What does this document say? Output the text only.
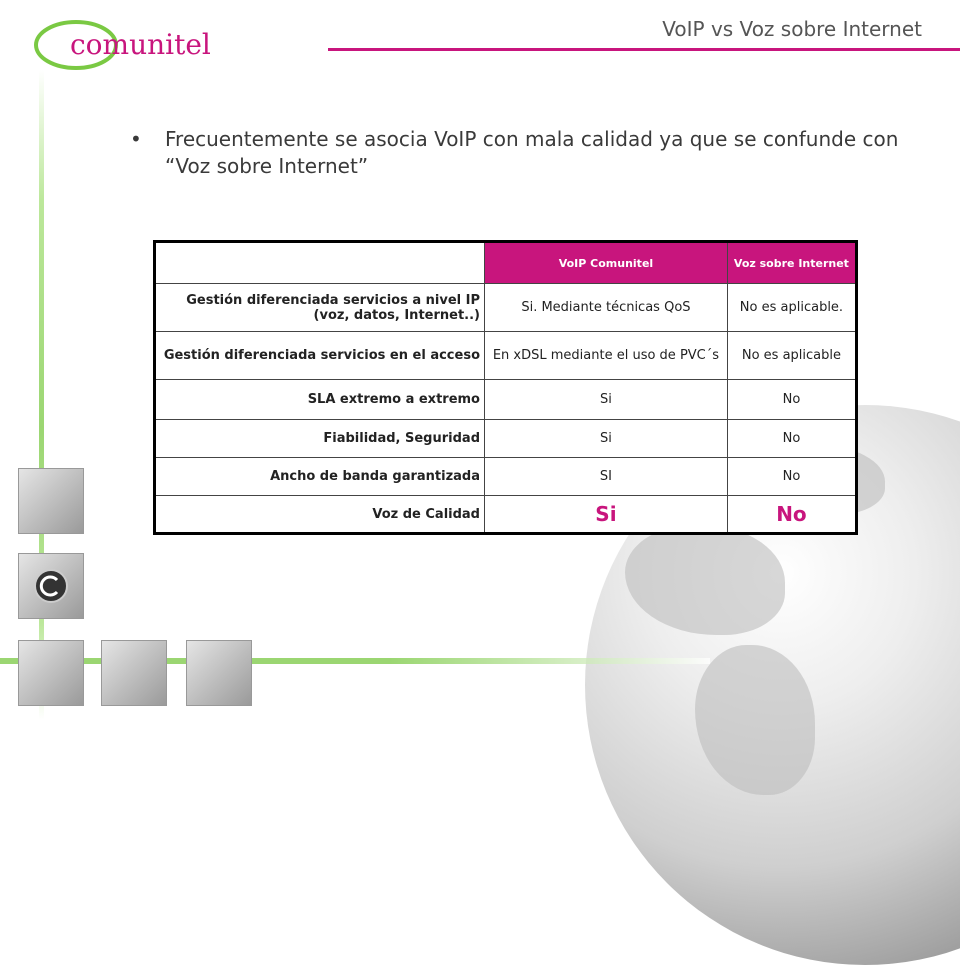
comunitel	VoIP vs Voz sobre Internet
• Frecuentemente se asocia VoIP con mala calidad ya que se confunde con “Voz sobre Internet”
	VoIP Comunitel	Voz sobre Internet
Gestión diferenciada servicios a nivel IP (voz, datos, Internet..)	Si. Mediante técnicas QoS	No es aplicable.
Gestión diferenciada servicios en el acceso	En xDSL mediante el uso de PVC´s	No es aplicable
SLA extremo a extremo	Si	No
Fiabilidad, Seguridad	Si	No
Ancho de banda garantizada	SI	No
Voz de Calidad	Si	No
